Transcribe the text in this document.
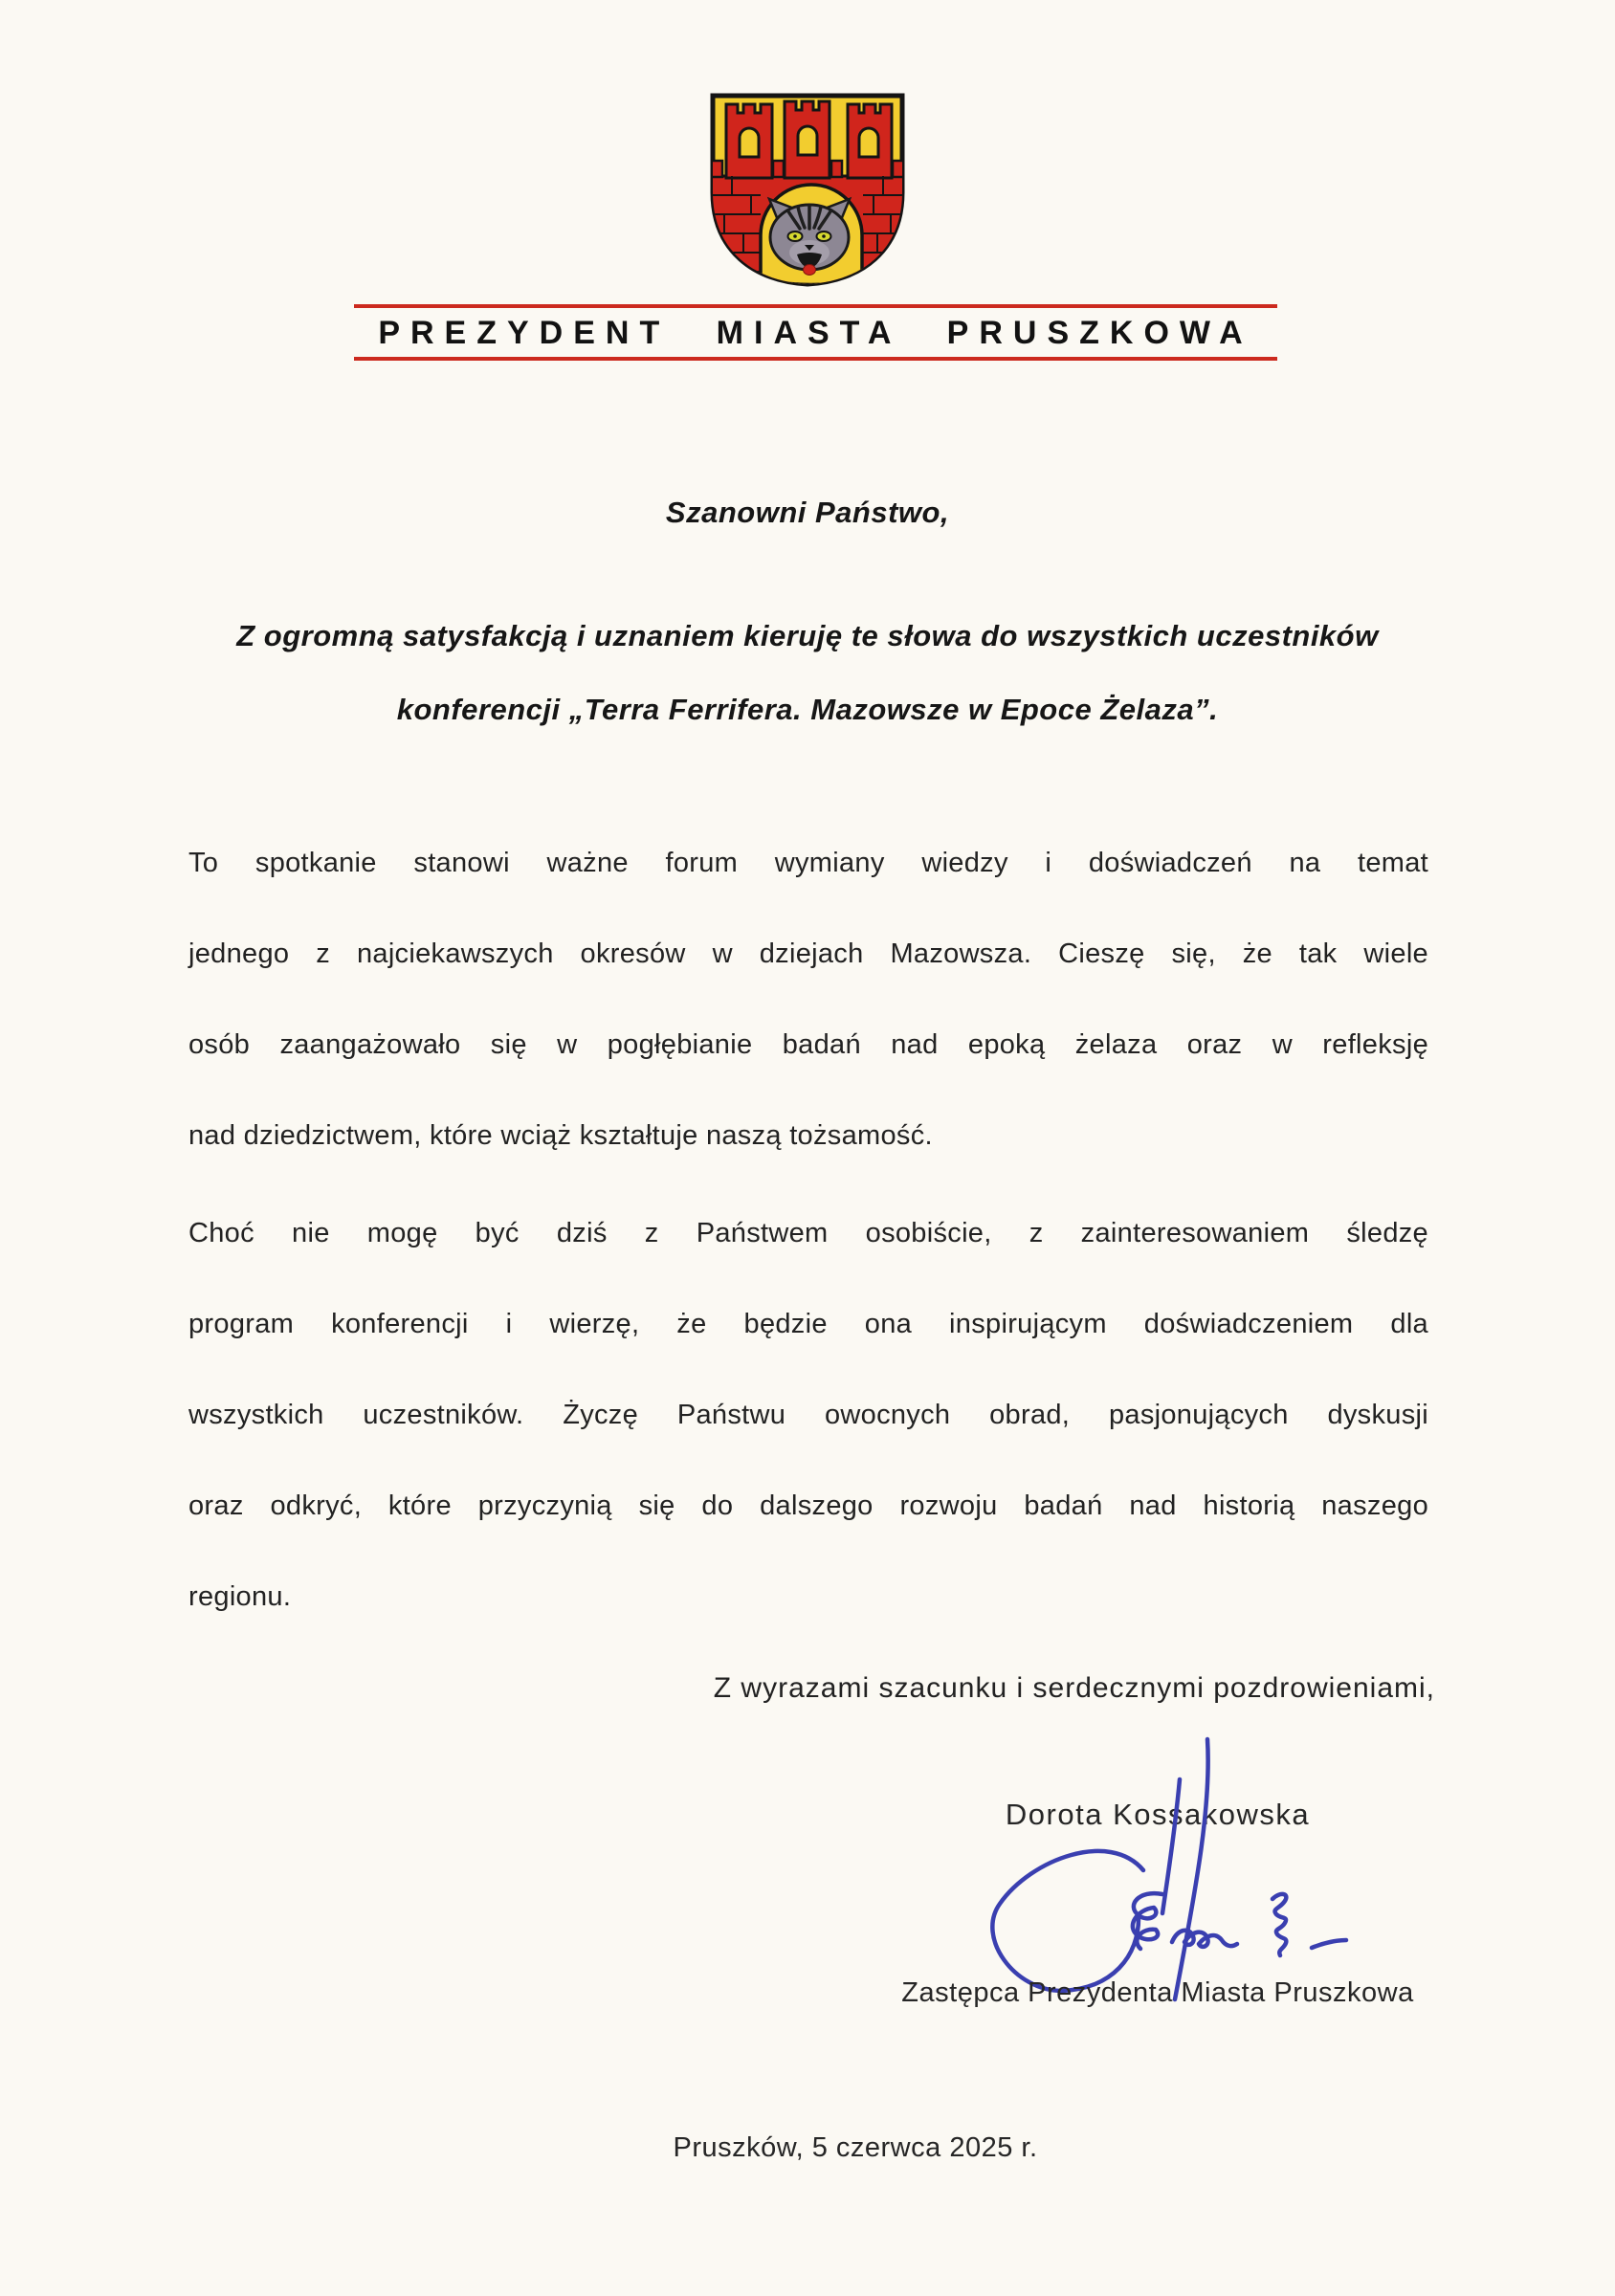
PREZYDENT MIASTA PRUSZKOWA
Szanowni Państwo,
Z ogromną satysfakcją i uznaniem kieruję te słowa do wszystkich uczestników
konferencji „Terra Ferrifera. Mazowsze w Epoce Żelaza”.
To spotkanie stanowi ważne forum wymiany wiedzy i doświadczeń na temat
jednego z najciekawszych okresów w dziejach Mazowsza. Cieszę się, że tak wiele
osób zaangażowało się w pogłębianie badań nad epoką żelaza oraz w refleksję
nad dziedzictwem, które wciąż kształtuje naszą tożsamość.
Choć nie mogę być dziś z Państwem osobiście, z zainteresowaniem śledzę
program konferencji i wierzę, że będzie ona inspirującym doświadczeniem dla
wszystkich uczestników. Życzę Państwu owocnych obrad, pasjonujących dyskusji
oraz odkryć, które przyczynią się do dalszego rozwoju badań nad historią naszego
regionu.
Z wyrazami szacunku i serdecznymi pozdrowieniami,
Dorota Kossakowska
Zastępca Prezydenta Miasta Pruszkowa
Pruszków, 5 czerwca 2025 r.
